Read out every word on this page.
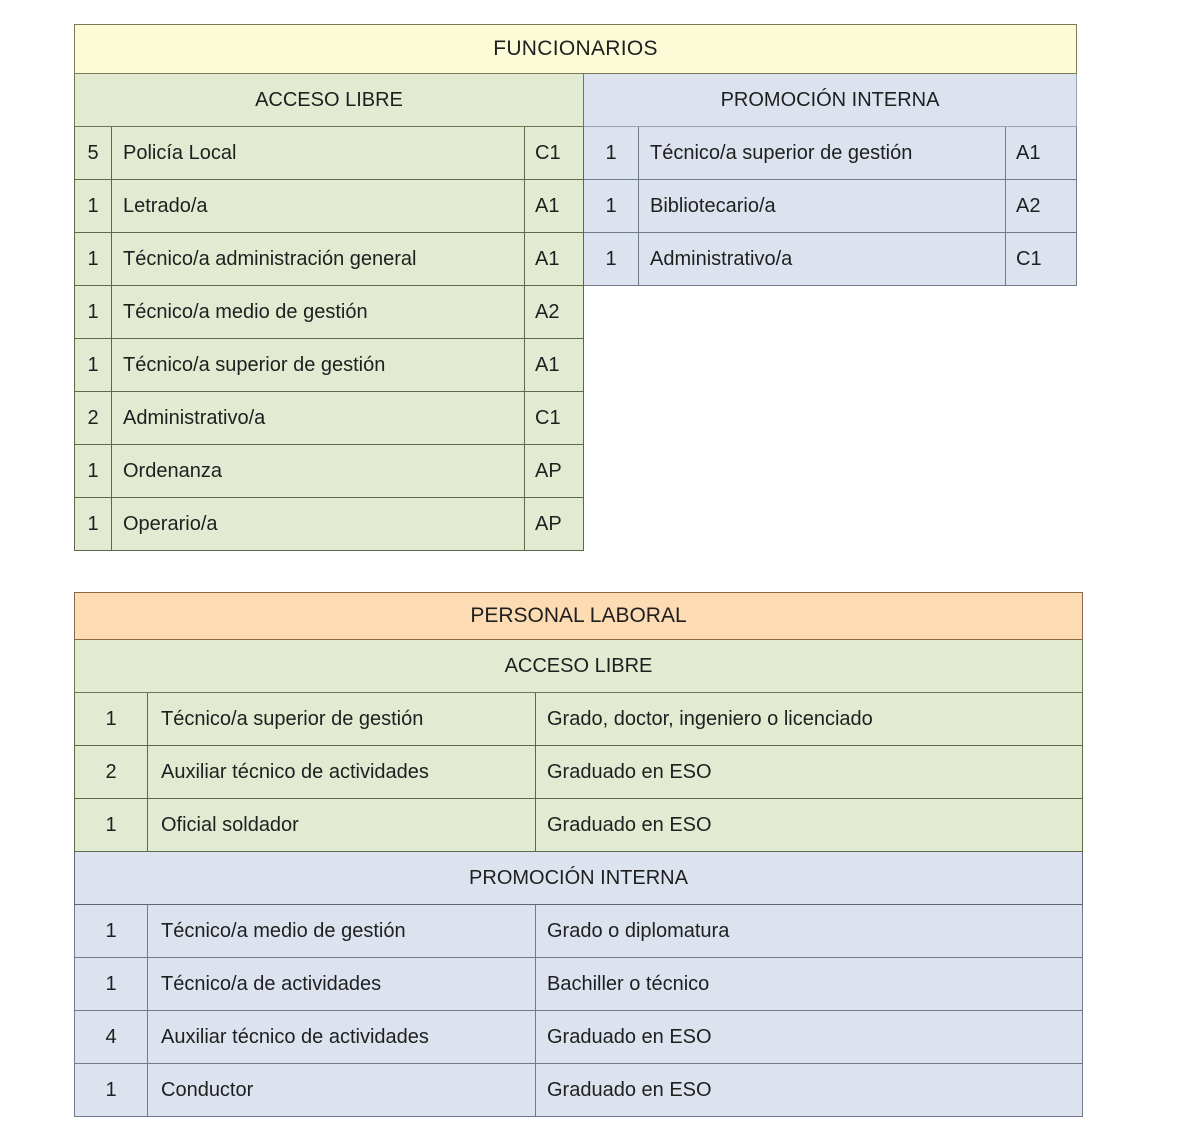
FUNCIONARIOS					
ACCESO LIBRE			PROMOCIÓN INTERNA		
5	Policía Local	C1	1	Técnico/a superior de gestión	A1
1	Letrado/a	A1	1	Bibliotecario/a	A2
1	Técnico/a administración general	A1	1	Administrativo/a	C1
1	Técnico/a medio de gestión	A2			
1	Técnico/a superior de gestión	A1			
2	Administrativo/a	C1			
1	Ordenanza	AP			
1	Operario/a	AP			
PERSONAL LABORAL		
ACCESO LIBRE		
1	Técnico/a superior de gestión	Grado, doctor, ingeniero o licenciado
2	Auxiliar técnico de actividades	Graduado en ESO
1	Oficial soldador	Graduado en ESO
PROMOCIÓN INTERNA		
1	Técnico/a medio de gestión	Grado o diplomatura
1	Técnico/a de actividades	Bachiller o técnico
4	Auxiliar técnico de actividades	Graduado en ESO
1	Conductor	Graduado en ESO
